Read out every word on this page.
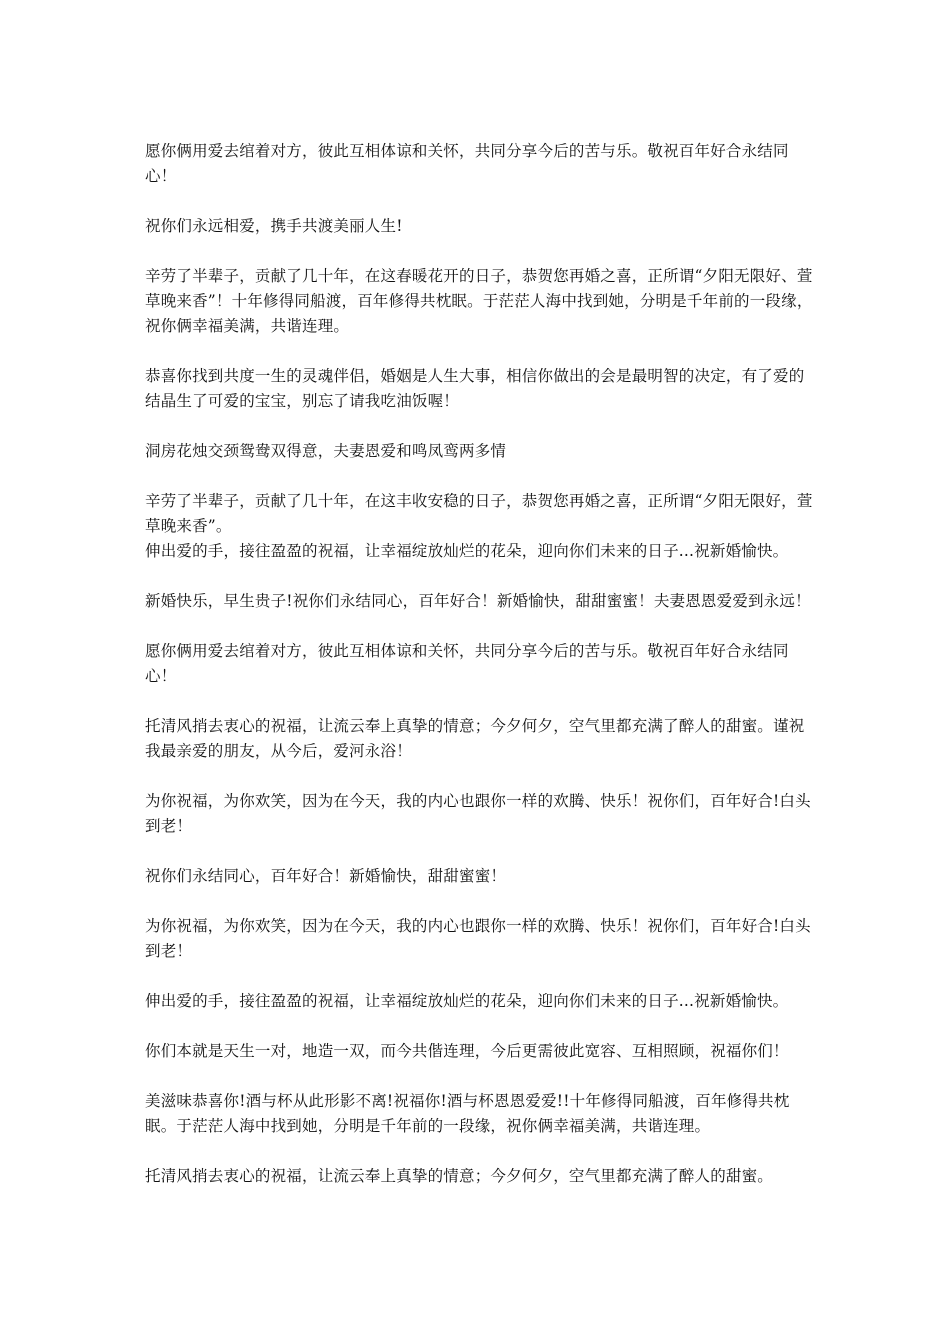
愿你俩用爱去绾着对方，彼此互相体谅和关怀，共同分享今后的苦与乐。敬祝百年好合永结同心！

祝你们永远相爱，携手共渡美丽人生!

辛劳了半辈子，贡献了几十年，在这春暖花开的日子，恭贺您再婚之喜，正所谓“夕阳无限好、萱草晚来香”！十年修得同船渡，百年修得共枕眠。于茫茫人海中找到她，分明是千年前的一段缘，祝你俩幸福美满，共谐连理。

恭喜你找到共度一生的灵魂伴侣，婚姻是人生大事，相信你做出的会是最明智的决定，有了爱的结晶生了可爱的宝宝，别忘了请我吃油饭喔！

洞房花烛交颈鸳鸯双得意，夫妻恩爱和鸣凤鸾两多情

辛劳了半辈子，贡献了几十年，在这丰收安稳的日子，恭贺您再婚之喜，正所谓“夕阳无限好，萱草晚来香”。

伸出爱的手，接往盈盈的祝福，让幸福绽放灿烂的花朵，迎向你们未来的日子...祝新婚愉快。

新婚快乐，早生贵子!祝你们永结同心，百年好合！新婚愉快，甜甜蜜蜜！夫妻恩恩爱爱到永远！

愿你俩用爱去绾着对方，彼此互相体谅和关怀，共同分享今后的苦与乐。敬祝百年好合永结同心！

托清风捎去衷心的祝福，让流云奉上真挚的情意；今夕何夕，空气里都充满了醉人的甜蜜。谨祝我最亲爱的朋友，从今后，爱河永浴！

为你祝福，为你欢笑，因为在今天，我的内心也跟你一样的欢腾、快乐！祝你们，百年好合!白头到老！

祝你们永结同心，百年好合！新婚愉快，甜甜蜜蜜！

为你祝福，为你欢笑，因为在今天，我的内心也跟你一样的欢腾、快乐！祝你们，百年好合!白头到老！

伸出爱的手，接往盈盈的祝福，让幸福绽放灿烂的花朵，迎向你们未来的日子...祝新婚愉快。

你们本就是天生一对，地造一双，而今共偕连理，今后更需彼此宽容、互相照顾，祝福你们！

美滋味恭喜你!酒与杯从此形影不离!祝福你!酒与杯恩恩爱爱!!十年修得同船渡，百年修得共枕眠。于茫茫人海中找到她，分明是千年前的一段缘，祝你俩幸福美满，共谐连理。

托清风捎去衷心的祝福，让流云奉上真挚的情意；今夕何夕，空气里都充满了醉人的甜蜜。
